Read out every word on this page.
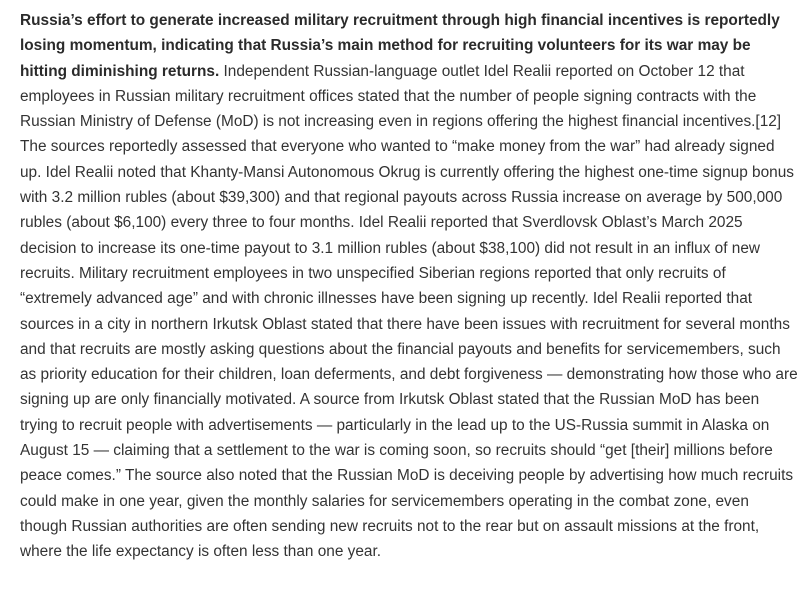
Russia’s effort to generate increased military recruitment through high financial incentives is reportedly losing momentum, indicating that Russia’s main method for recruiting volunteers for its war may be hitting diminishing returns. Independent Russian-language outlet Idel Realii reported on October 12 that employees in Russian military recruitment offices stated that the number of people signing contracts with the Russian Ministry of Defense (MoD) is not increasing even in regions offering the highest financial incentives.[12] The sources reportedly assessed that everyone who wanted to “make money from the war” had already signed up. Idel Realii noted that Khanty-Mansi Autonomous Okrug is currently offering the highest one-time signup bonus with 3.2 million rubles (about $39,300) and that regional payouts across Russia increase on average by 500,000 rubles (about $6,100) every three to four months. Idel Realii reported that Sverdlovsk Oblast’s March 2025 decision to increase its one-time payout to 3.1 million rubles (about $38,100) did not result in an influx of new recruits. Military recruitment employees in two unspecified Siberian regions reported that only recruits of “extremely advanced age” and with chronic illnesses have been signing up recently. Idel Realii reported that sources in a city in northern Irkutsk Oblast stated that there have been issues with recruitment for several months and that recruits are mostly asking questions about the financial payouts and benefits for servicemembers, such as priority education for their children, loan deferments, and debt forgiveness — demonstrating how those who are signing up are only financially motivated. A source from Irkutsk Oblast stated that the Russian MoD has been trying to recruit people with advertisements — particularly in the lead up to the US-Russia summit in Alaska on August 15 — claiming that a settlement to the war is coming soon, so recruits should “get [their] millions before peace comes.” The source also noted that the Russian MoD is deceiving people by advertising how much recruits could make in one year, given the monthly salaries for servicemembers operating in the combat zone, even though Russian authorities are often sending new recruits not to the rear but on assault missions at the front, where the life expectancy is often less than one year.
